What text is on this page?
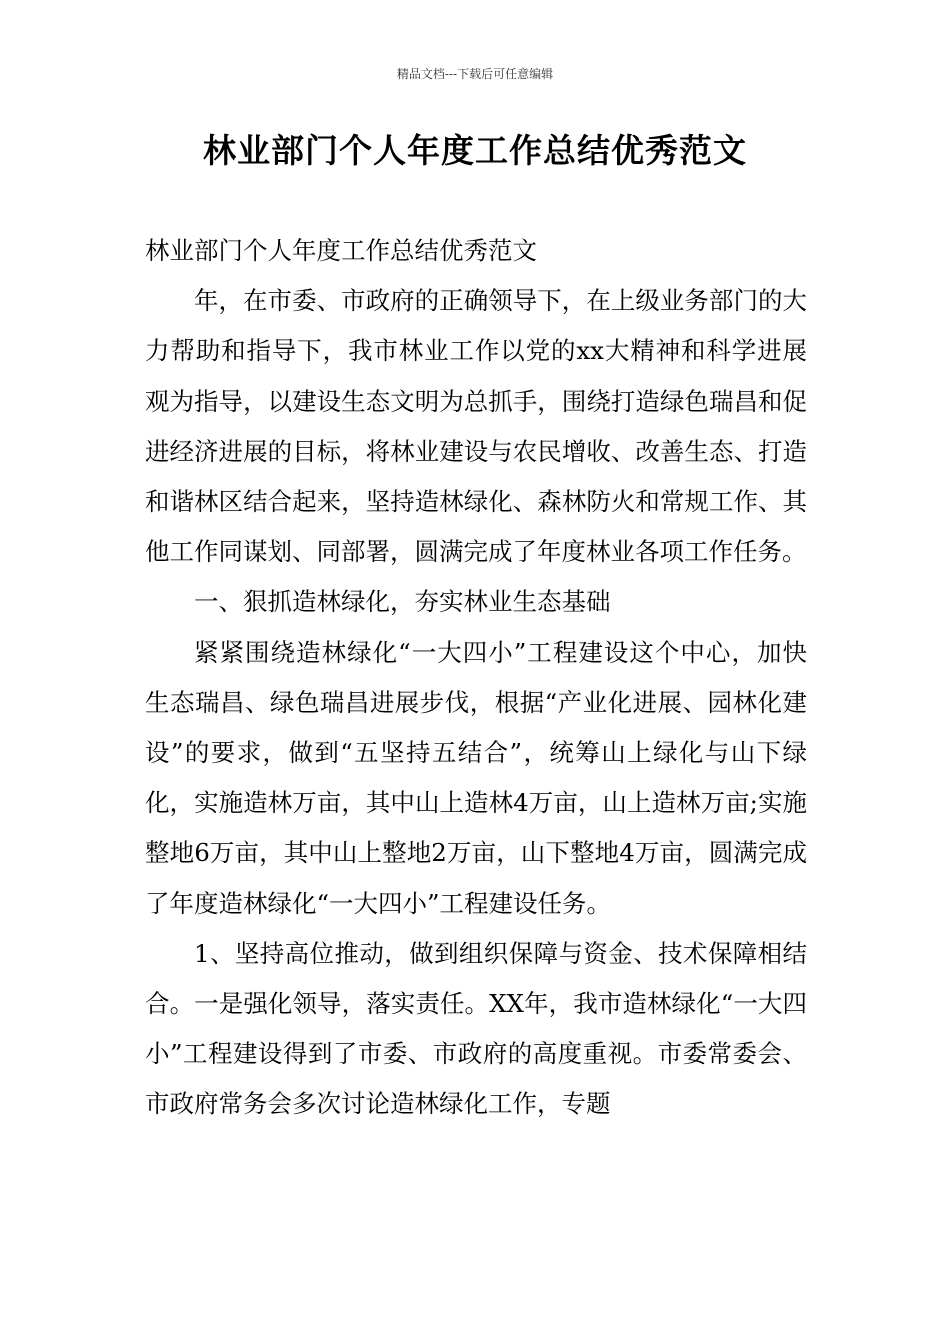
精品文档---下载后可任意编辑
林业部门个人年度工作总结优秀范文

林业部门个人年度工作总结优秀范文

年，在市委、市政府的正确领导下，在上级业务部门的大力帮助和指导下，我市林业工作以党的xx大精神和科学进展观为指导，以建设生态文明为总抓手，围绕打造绿色瑞昌和促进经济进展的目标，将林业建设与农民增收、改善生态、打造和谐林区结合起来，坚持造林绿化、森林防火和常规工作、其他工作同谋划、同部署，圆满完成了年度林业各项工作任务。

一、狠抓造林绿化，夯实林业生态基础

紧紧围绕造林绿化“一大四小”工程建设这个中心，加快生态瑞昌、绿色瑞昌进展步伐，根据“产业化进展、园林化建设”的要求，做到“五坚持五结合”，统筹山上绿化与山下绿化，实施造林万亩，其中山上造林4万亩，山上造林万亩;实施整地6万亩，其中山上整地2万亩，山下整地4万亩，圆满完成了年度造林绿化“一大四小”工程建设任务。

1、坚持高位推动，做到组织保障与资金、技术保障相结合。一是强化领导，落实责任。XX年，我市造林绿化“一大四小”工程建设得到了市委、市政府的高度重视。市委常委会、市政府常务会多次讨论造林绿化工作，专题
